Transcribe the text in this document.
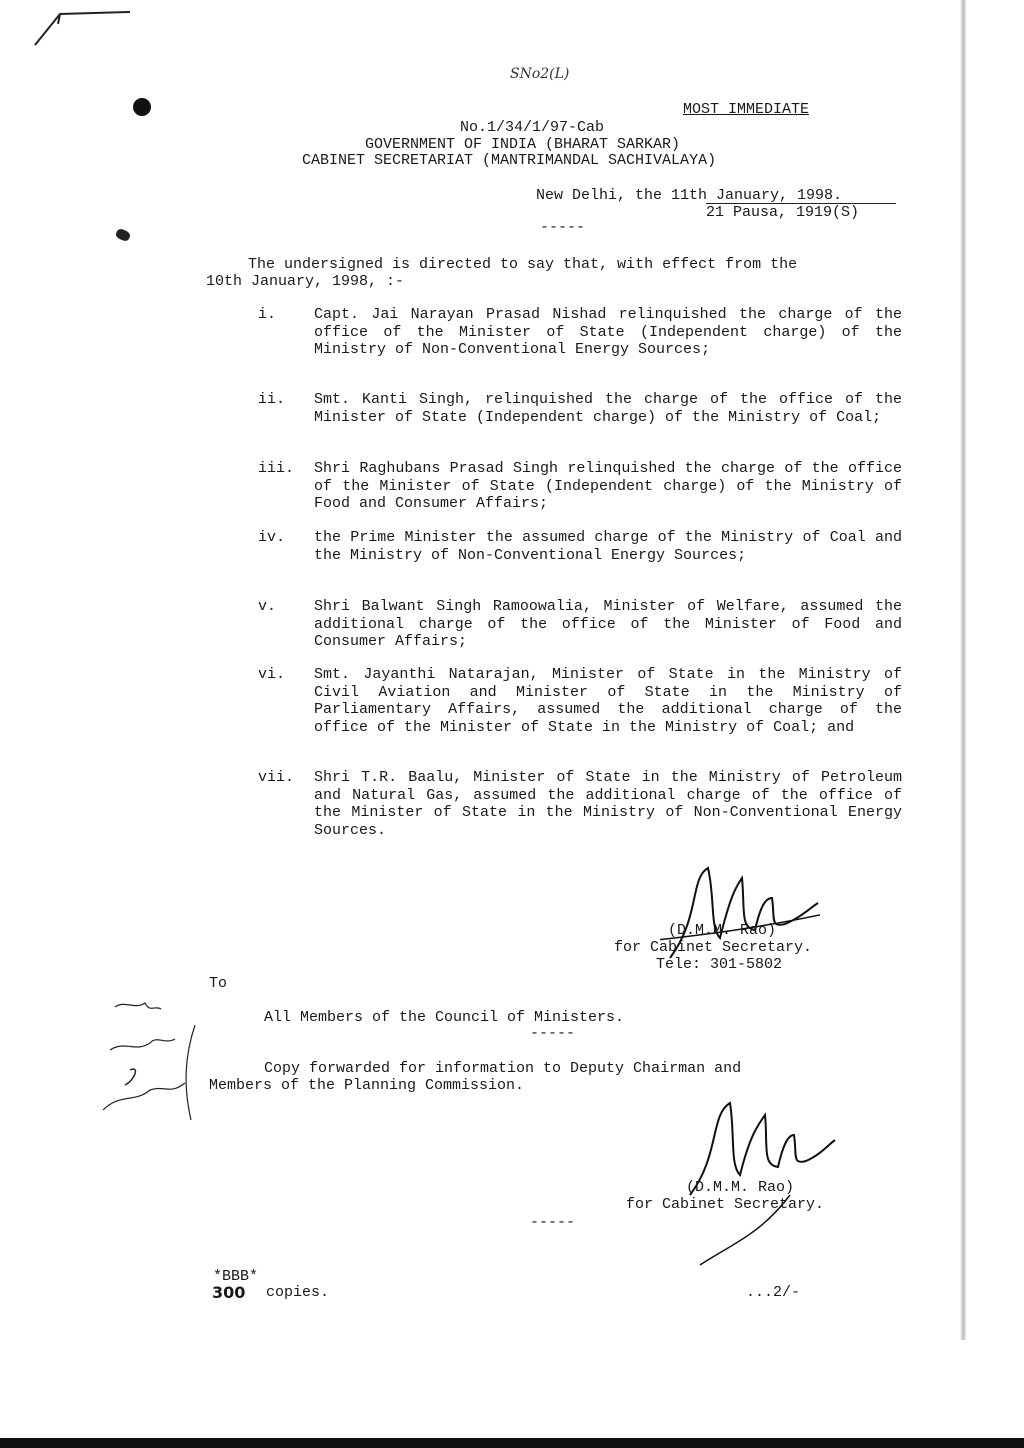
SNo2(L)
MOST IMMEDIATE
No.1/34/1/97-Cab
GOVERNMENT OF INDIA (BHARAT SARKAR)
CABINET SECRETARIAT (MANTRIMANDAL SACHIVALAYA)
New Delhi, the 11th January, 1998.
21 Pausa, 1919(S)
-----
The undersigned is directed to say that, with effect from the
10th January, 1998, :-
i.	Capt. Jai Narayan Prasad Nishad relinquished the charge of the office of the Minister of State (Independent charge) of the Ministry of Non-Conventional Energy Sources;
ii.	Smt. Kanti Singh, relinquished the charge of the office of the Minister of State (Independent charge) of the Ministry of Coal;
iii.	Shri Raghubans Prasad Singh relinquished the charge of the office of the Minister of State (Independent charge) of the Ministry of Food and Consumer Affairs;
iv.	the Prime Minister the assumed charge of the Ministry of Coal and the Ministry of Non-Conventional Energy Sources;
v.	Shri Balwant Singh Ramoowalia, Minister of Welfare, assumed the additional charge of the office of the Minister of Food and Consumer Affairs;
vi.	Smt. Jayanthi Natarajan, Minister of State in the Ministry of Civil Aviation and Minister of State in the Ministry of Parliamentary Affairs, assumed the additional charge of the office of the Minister of State in the Ministry of Coal; and
vii.	Shri T.R. Baalu, Minister of State in the Ministry of Petroleum and Natural Gas, assumed the additional charge of the office of the Minister of State in the Ministry of Non-Conventional Energy Sources.
(D.M.M. Rao)
for Cabinet Secretary.
Tele: 301-5802
To
All Members of the Council of Ministers.
-----
Copy forwarded for information to Deputy Chairman and
Members of the Planning Commission.
(D.M.M. Rao)
for Cabinet Secretary.
-----
*BBB*
300 copies.	...2/-
